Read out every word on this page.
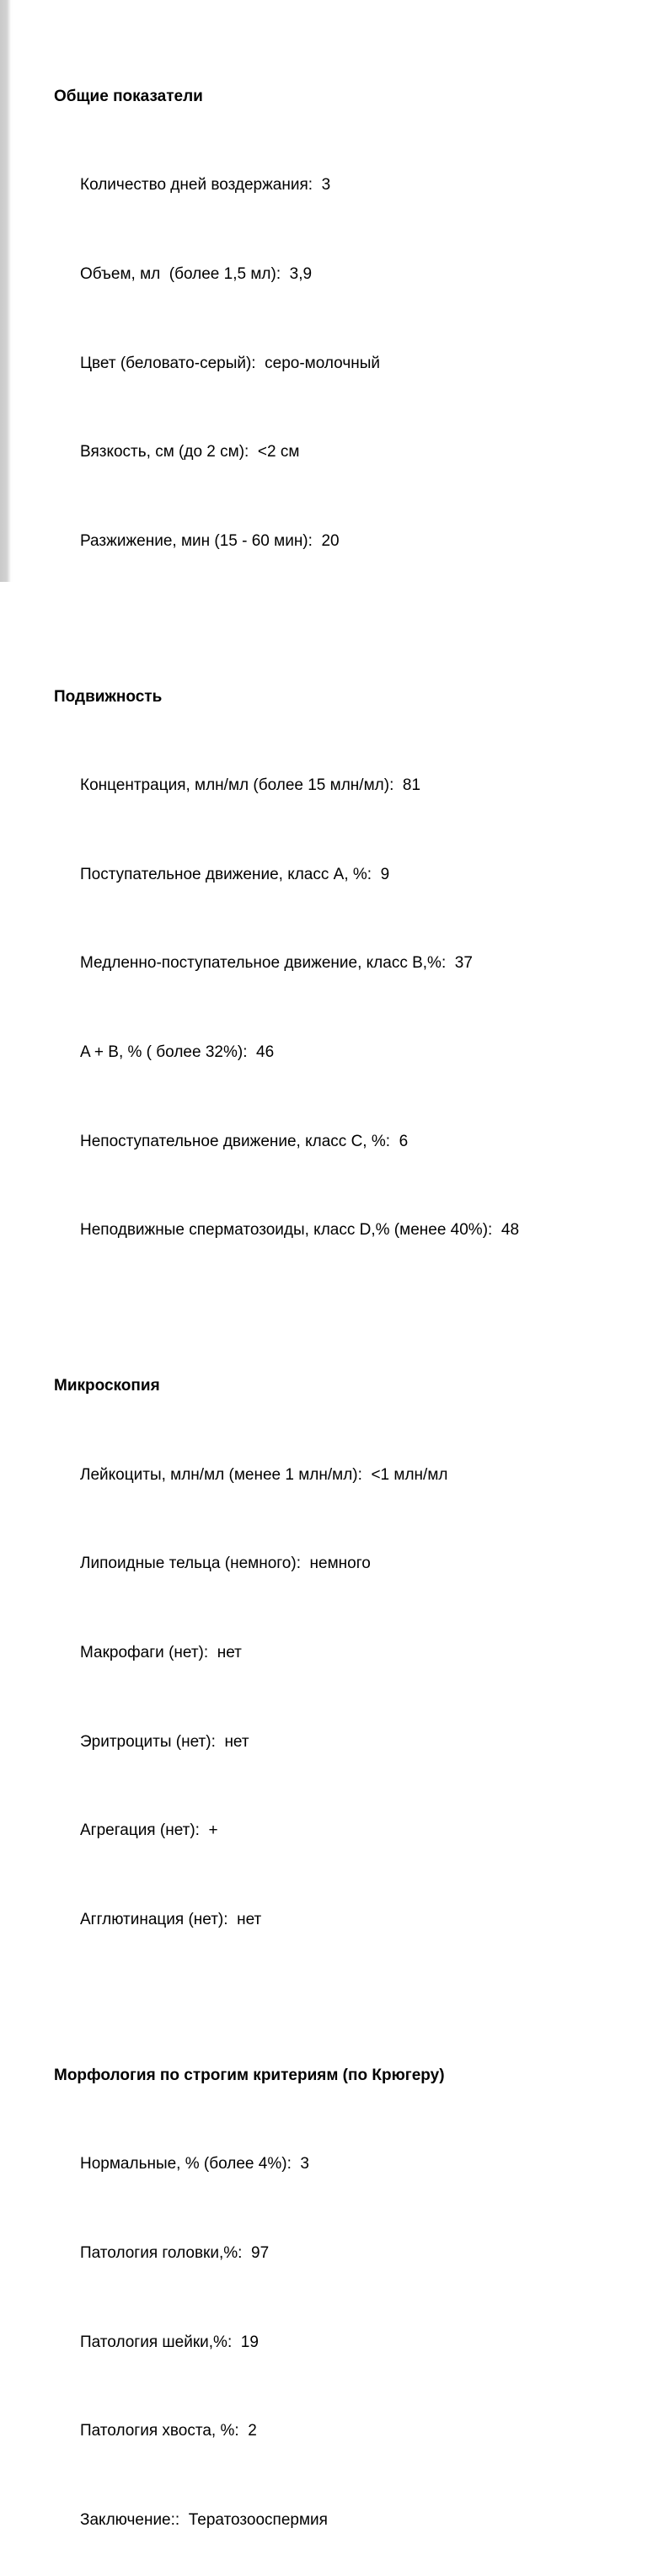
Общие показатели

Количество дней воздержания:  3

Объем, мл  (более 1,5 мл):  3,9

Цвет (беловато-серый):  серо-молочный

Вязкость, см (до 2 см):  <2 см

Разжижение, мин (15 - 60 мин):  20

Подвижность

Концентрация, млн/мл (более 15 млн/мл):  81

Поступательное движение, класс A, %:  9

Медленно-поступательное движение, класс B,%:  37

A + B, % ( более 32%):  46

Непоступательное движение, класс C, %:  6

Неподвижные сперматозоиды, класс D,% (менее 40%):  48

Микроскопия

Лейкоциты, млн/мл (менее 1 млн/мл):  <1 млн/мл

Липоидные тельца (немного):  немного

Макрофаги (нет):  нет

Эритроциты (нет):  нет

Агрегация (нет):  +

Агглютинация (нет):  нет

Морфология по строгим критериям (по Крюгеру)

Нормальные, % (более 4%):  3

Патология головки,%:  97

Патология шейки,%:  19

Патология хвоста, %:  2

Заключение::  Тератозооспермия
